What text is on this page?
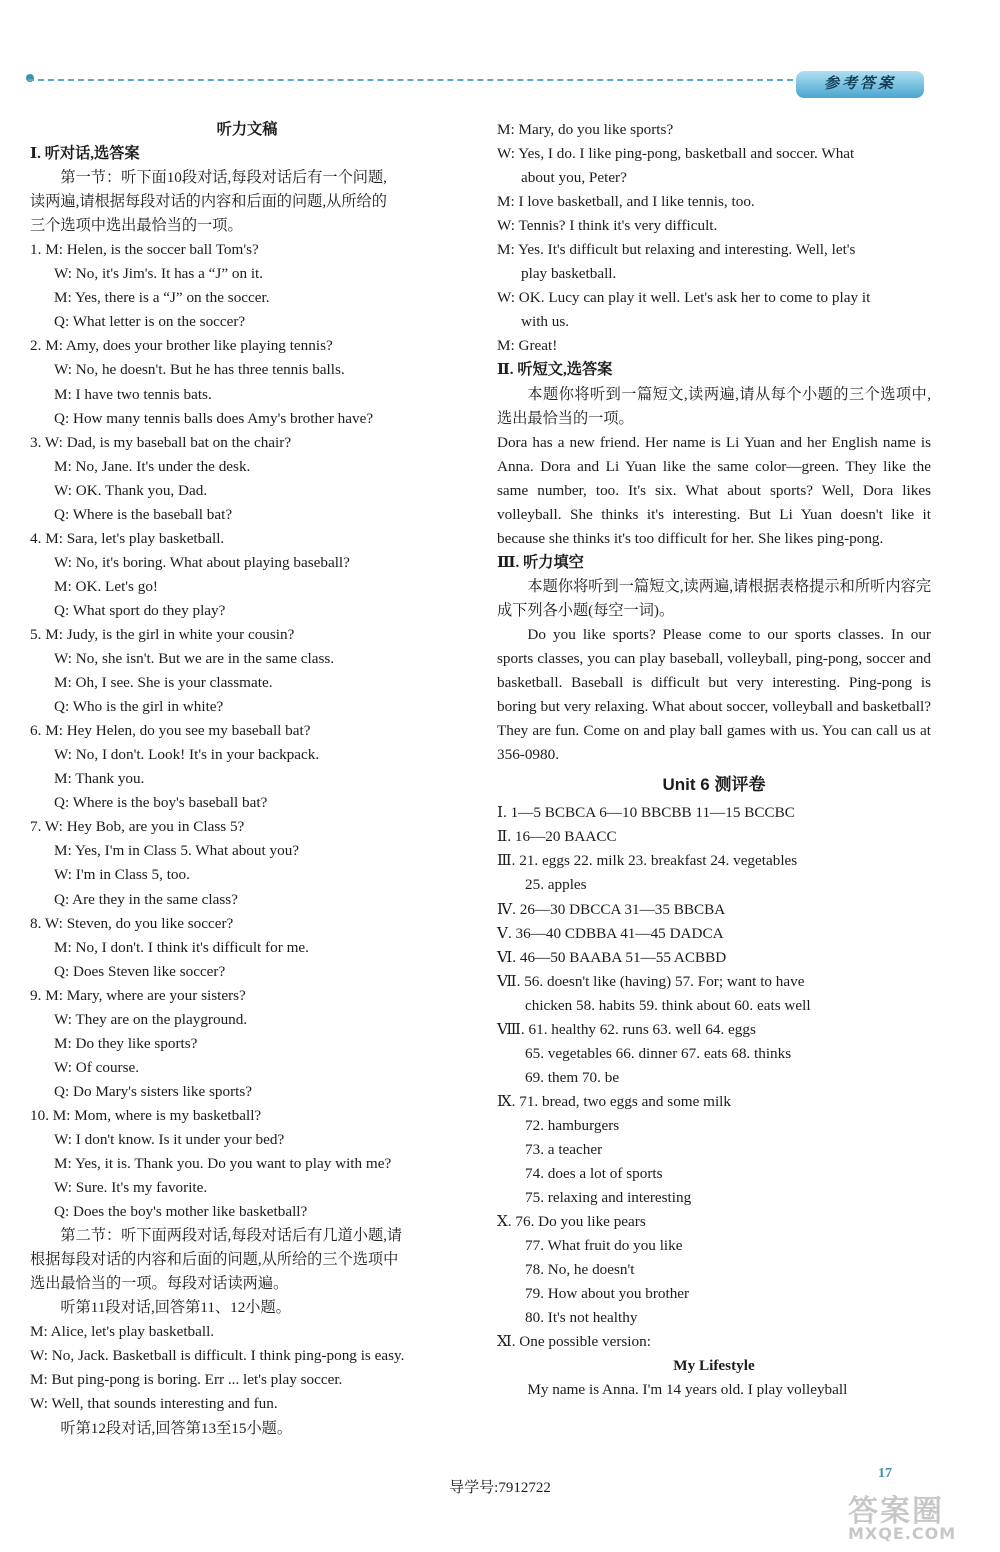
参考答案
听力文稿
Ⅰ. 听对话,选答案
第一节：听下面10段对话,每段对话后有一个问题,
读两遍,请根据每段对话的内容和后面的问题,从所给的
三个选项中选出最恰当的一项。
1. M: Helen, is the soccer ball Tom's?
W: No, it's Jim's. It has a “J” on it.
M: Yes, there is a “J” on the soccer.
Q: What letter is on the soccer?
2. M: Amy, does your brother like playing tennis?
W: No, he doesn't. But he has three tennis balls.
M: I have two tennis bats.
Q: How many tennis balls does Amy's brother have?
3. W: Dad, is my baseball bat on the chair?
M: No, Jane. It's under the desk.
W: OK. Thank you, Dad.
Q: Where is the baseball bat?
4. M: Sara, let's play basketball.
W: No, it's boring. What about playing baseball?
M: OK. Let's go!
Q: What sport do they play?
5. M: Judy, is the girl in white your cousin?
W: No, she isn't. But we are in the same class.
M: Oh, I see. She is your classmate.
Q: Who is the girl in white?
6. M: Hey Helen, do you see my baseball bat?
W: No, I don't. Look! It's in your backpack.
M: Thank you.
Q: Where is the boy's baseball bat?
7. W: Hey Bob, are you in Class 5?
M: Yes, I'm in Class 5. What about you?
W: I'm in Class 5, too.
Q: Are they in the same class?
8. W: Steven, do you like soccer?
M: No, I don't. I think it's difficult for me.
Q: Does Steven like soccer?
9. M: Mary, where are your sisters?
W: They are on the playground.
M: Do they like sports?
W: Of course.
Q: Do Mary's sisters like sports?
10. M: Mom, where is my basketball?
W: I don't know. Is it under your bed?
M: Yes, it is. Thank you. Do you want to play with me?
W: Sure. It's my favorite.
Q: Does the boy's mother like basketball?
第二节：听下面两段对话,每段对话后有几道小题,请
根据每段对话的内容和后面的问题,从所给的三个选项中
选出最恰当的一项。每段对话读两遍。
听第11段对话,回答第11、12小题。
M: Alice, let's play basketball.
W: No, Jack. Basketball is difficult. I think ping-pong is easy.
M: But ping-pong is boring. Err ... let's play soccer.
W: Well, that sounds interesting and fun.
听第12段对话,回答第13至15小题。
M: Mary, do you like sports?
W: Yes, I do. I like ping-pong, basketball and soccer. What
about you, Peter?
M: I love basketball, and I like tennis, too.
W: Tennis? I think it's very difficult.
M: Yes. It's difficult but relaxing and interesting. Well, let's
play basketball.
W: OK. Lucy can play it well. Let's ask her to come to play it
with us.
M: Great!
Ⅱ. 听短文,选答案
本题你将听到一篇短文,读两遍,请从每个小题的三个选项中,选出最恰当的一项。
Dora has a new friend. Her name is Li Yuan and her English name is Anna. Dora and Li Yuan like the same color—green. They like the same number, too. It's six. What about sports? Well, Dora likes volleyball. She thinks it's interesting. But Li Yuan doesn't like it because she thinks it's too difficult for her. She likes ping-pong.
Ⅲ. 听力填空
本题你将听到一篇短文,读两遍,请根据表格提示和所听内容完成下列各小题(每空一词)。
Do you like sports? Please come to our sports classes. In our sports classes, you can play baseball, volleyball, ping-pong, soccer and basketball. Baseball is difficult but very interesting. Ping-pong is boring but very relaxing. What about soccer, volleyball and basketball? They are fun. Come on and play ball games with us. You can call us at 356-0980.
Unit 6 测评卷
Ⅰ. 1—5 BCBCA 6—10 BBCBB 11—15 BCCBC
Ⅱ. 16—20 BAACC
Ⅲ. 21. eggs 22. milk 23. breakfast 24. vegetables
25. apples
Ⅳ. 26—30 DBCCA 31—35 BBCBA
Ⅴ. 36—40 CDBBA 41—45 DADCA
Ⅵ. 46—50 BAABA 51—55 ACBBD
Ⅶ. 56. doesn't like (having) 57. For; want to have
chicken 58. habits 59. think about 60. eats well
Ⅷ. 61. healthy 62. runs 63. well 64. eggs
65. vegetables 66. dinner 67. eats 68. thinks
69. them 70. be
Ⅸ. 71. bread, two eggs and some milk
72. hamburgers
73. a teacher
74. does a lot of sports
75. relaxing and interesting
Ⅹ. 76. Do you like pears
77. What fruit do you like
78. No, he doesn't
79. How about you brother
80. It's not healthy
Ⅺ. One possible version:
My Lifestyle
My name is Anna. I'm 14 years old. I play volleyball
17
导学号:7912722
答案圈
MXQE.COM
